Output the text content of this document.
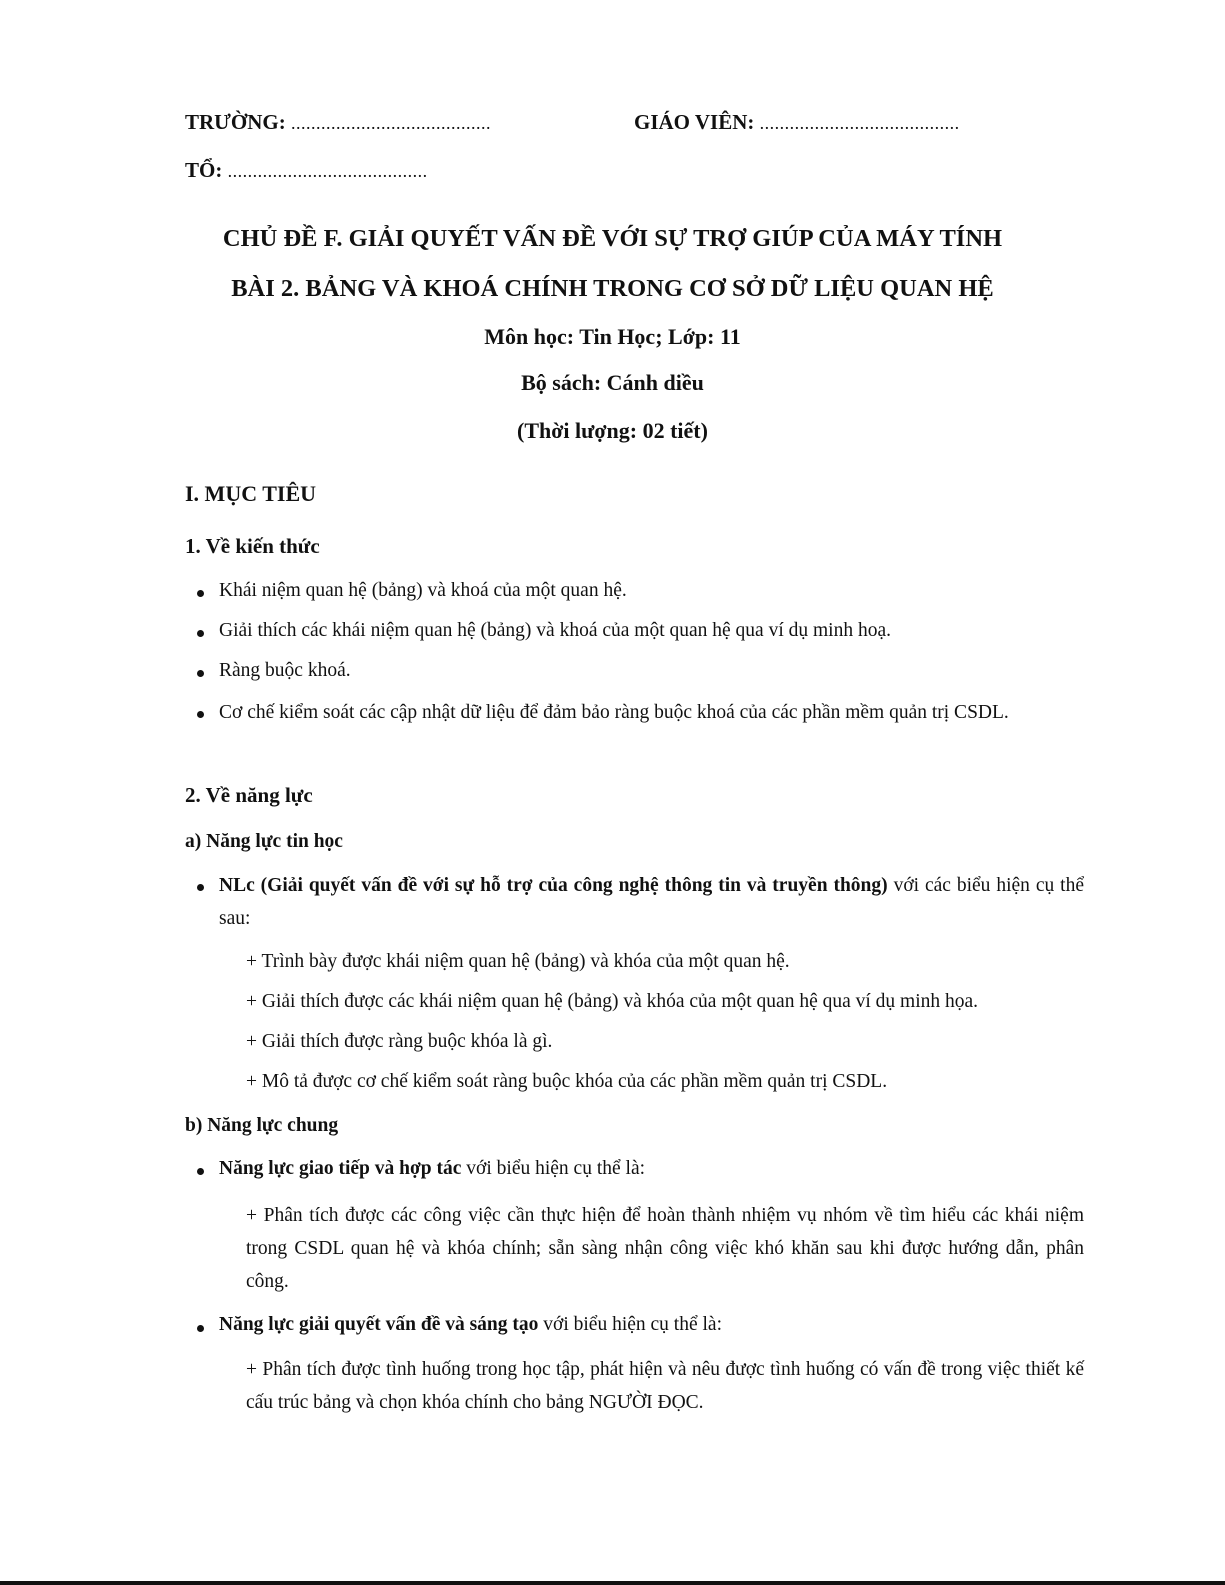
TRƯỜNG: ........................................	GIÁO VIÊN: ........................................
TỔ: ........................................
CHỦ ĐỀ F. GIẢI QUYẾT VẤN ĐỀ VỚI SỰ TRỢ GIÚP CỦA MÁY TÍNH
BÀI 2. BẢNG VÀ KHOÁ CHÍNH TRONG CƠ SỞ DỮ LIỆU QUAN HỆ
Môn học: Tin Học; Lớp: 11
Bộ sách: Cánh diều
(Thời lượng: 02 tiết)
I. MỤC TIÊU
1. Về kiến thức
Khái niệm quan hệ (bảng) và khoá của một quan hệ.
Giải thích các khái niệm quan hệ (bảng) và khoá của một quan hệ qua ví dụ minh hoạ.
Ràng buộc khoá.
Cơ chế kiểm soát các cập nhật dữ liệu để đảm bảo ràng buộc khoá của các phần mềm quản trị CSDL.
2. Về năng lực
a) Năng lực tin học
NLc (Giải quyết vấn đề với sự hỗ trợ của công nghệ thông tin và truyền thông) với các biểu hiện cụ thể sau:
+ Trình bày được khái niệm quan hệ (bảng) và khóa của một quan hệ.
+ Giải thích được các khái niệm quan hệ (bảng) và khóa của một quan hệ qua ví dụ minh họa.
+ Giải thích được ràng buộc khóa là gì.
+ Mô tả được cơ chế kiểm soát ràng buộc khóa của các phần mềm quản trị CSDL.
b) Năng lực chung
Năng lực giao tiếp và hợp tác với biểu hiện cụ thể là:
+ Phân tích được các công việc cần thực hiện để hoàn thành nhiệm vụ nhóm về tìm hiểu các khái niệm trong CSDL quan hệ và khóa chính; sẵn sàng nhận công việc khó khăn sau khi được hướng dẫn, phân công.
Năng lực giải quyết vấn đề và sáng tạo với biểu hiện cụ thể là:
+ Phân tích được tình huống trong học tập, phát hiện và nêu được tình huống có vấn đề trong việc thiết kế cấu trúc bảng và chọn khóa chính cho bảng NGƯỜI ĐỌC.
